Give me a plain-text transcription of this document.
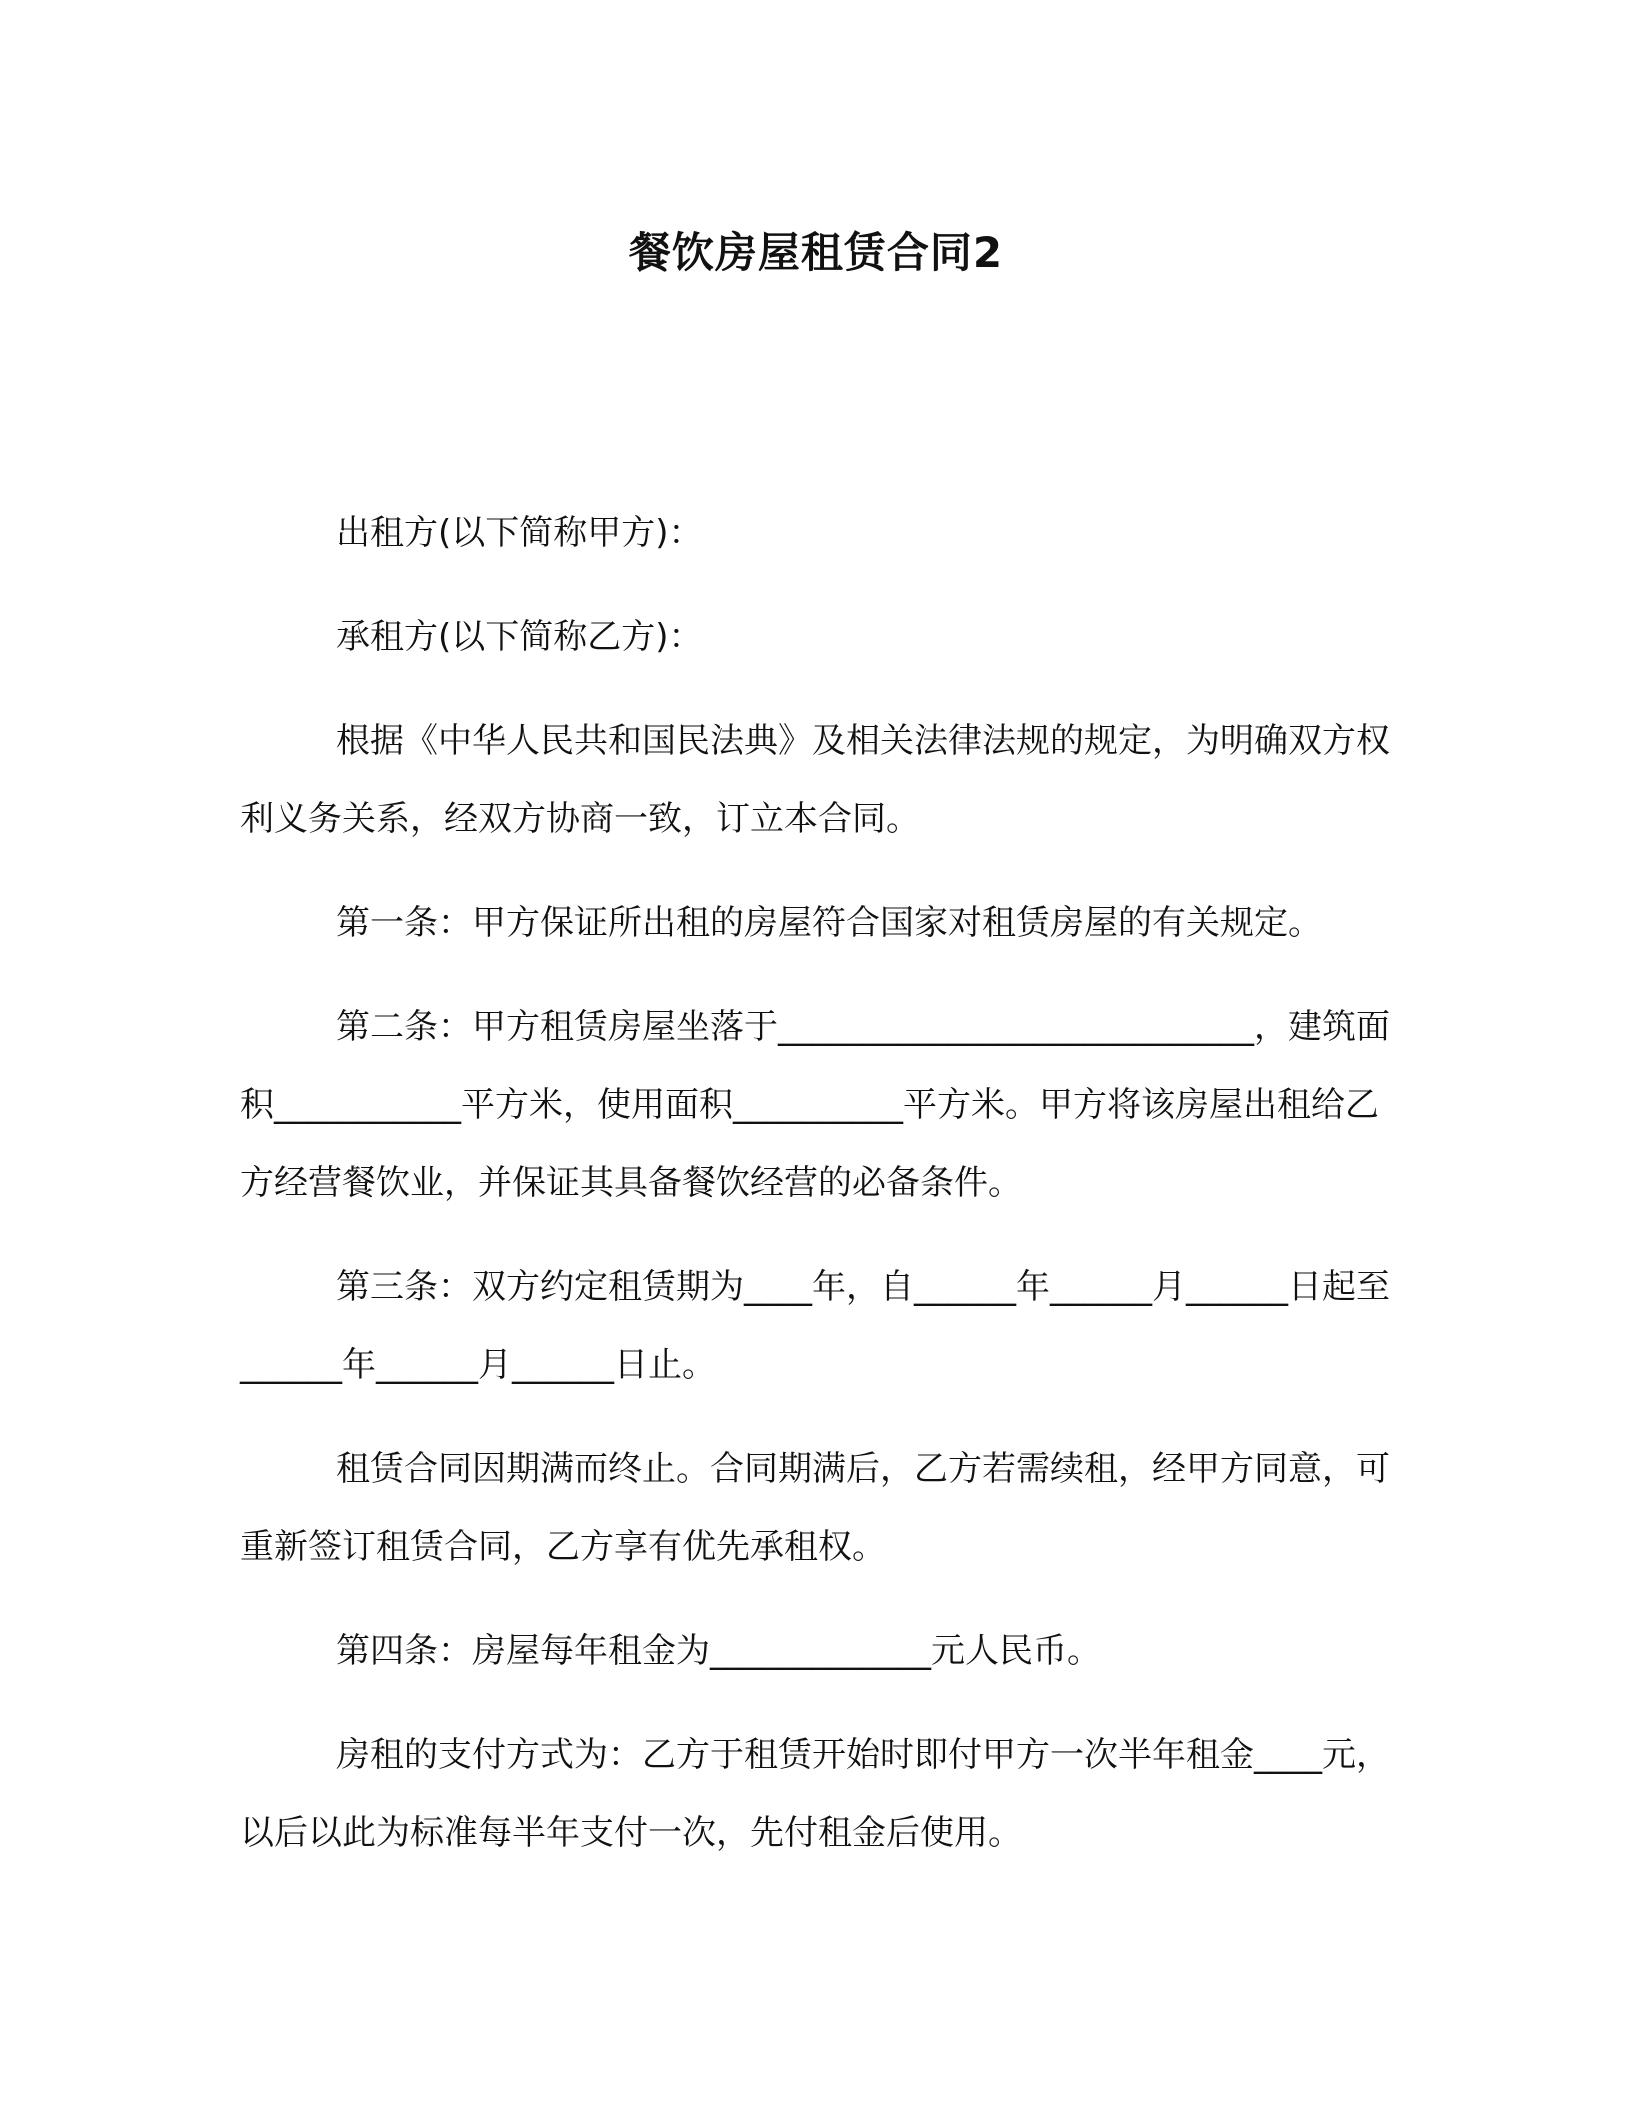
餐饮房屋租赁合同2

出租方(以下简称甲方)：

承租方(以下简称乙方)：

根据《中华人民共和国民法典》及相关法律法规的规定，为明确双方权利义务关系，经双方协商一致，订立本合同。

第一条：甲方保证所出租的房屋符合国家对租赁房屋的有关规定。

第二条：甲方租赁房屋坐落于____________________________，建筑面积___________平方米，使用面积__________平方米。甲方将该房屋出租给乙方经营餐饮业，并保证其具备餐饮经营的必备条件。

第三条：双方约定租赁期为____年，自______年______月______日起至______年______月______日止。

租赁合同因期满而终止。合同期满后，乙方若需续租，经甲方同意，可重新签订租赁合同，乙方享有优先承租权。

第四条：房屋每年租金为_____________元人民币。

房租的支付方式为：乙方于租赁开始时即付甲方一次半年租金____元，以后以此为标准每半年支付一次，先付租金后使用。
